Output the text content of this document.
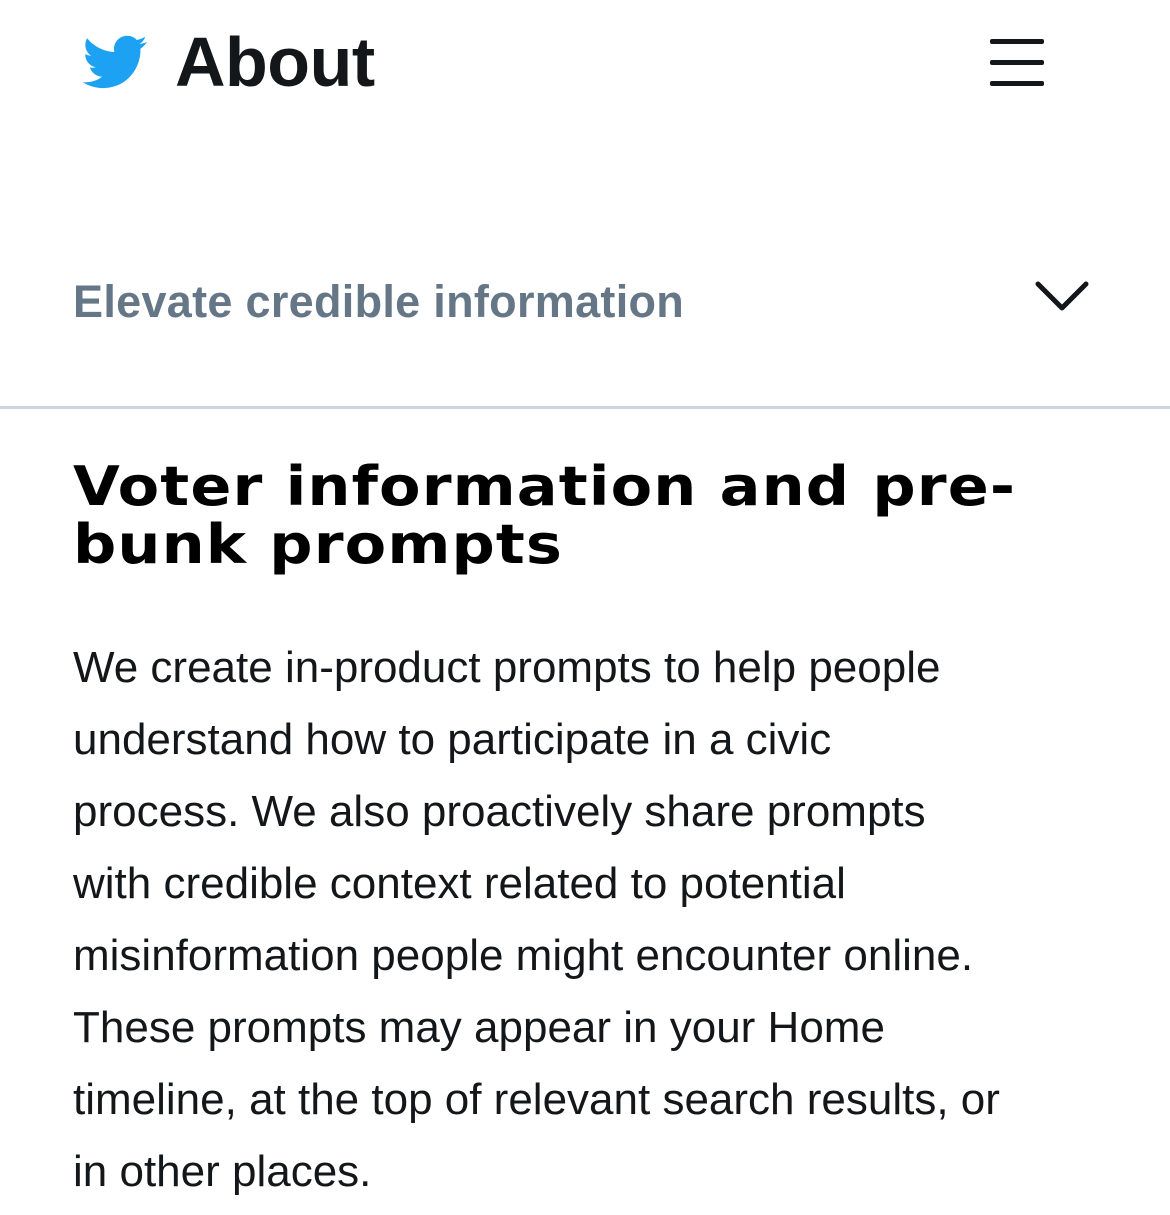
About
Elevate credible information
Voter information and pre-
bunk prompts

We create in-product prompts to help people
understand how to participate in a civic
process. We also proactively share prompts
with credible context related to potential
misinformation people might encounter online.
These prompts may appear in your Home
timeline, at the top of relevant search results, or
in other places.
